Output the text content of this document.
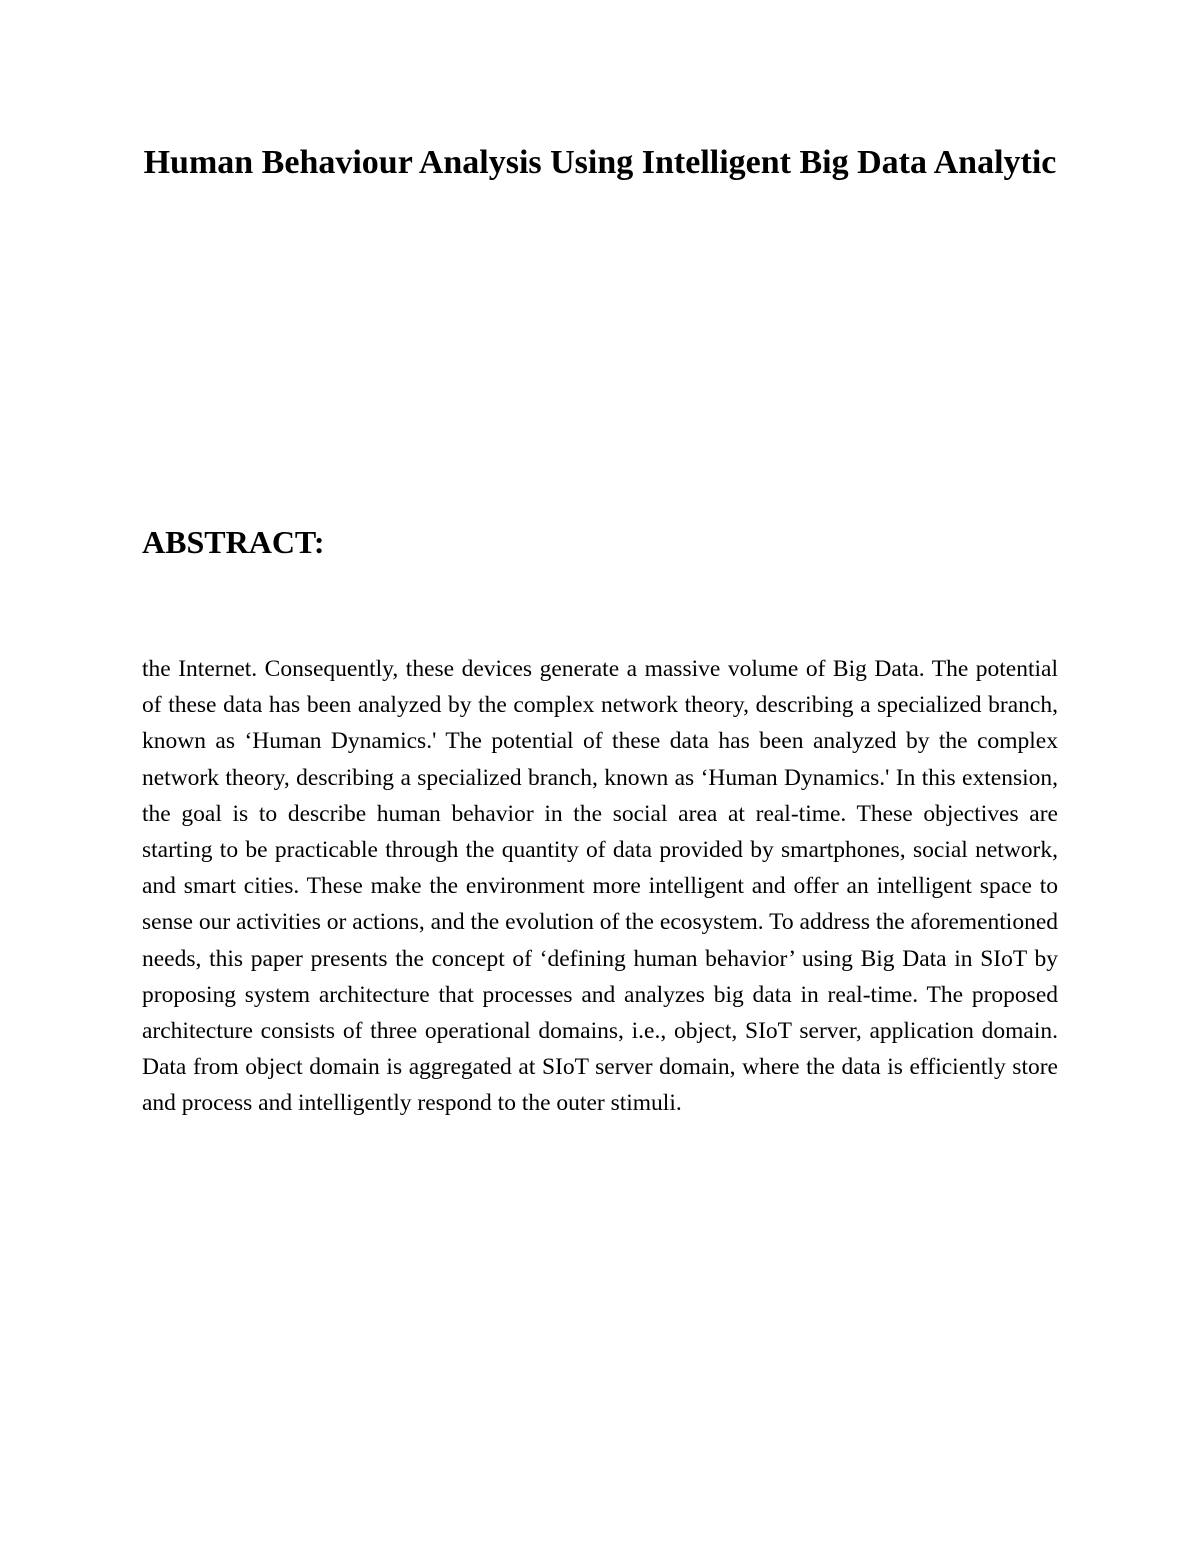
Human Behaviour Analysis Using Intelligent Big Data Analytic
ABSTRACT:

the Internet. Consequently, these devices generate a massive volume of Big Data. The potential of these data has been analyzed by the complex network theory, describing a specialized branch, known as ‘Human Dynamics.' The potential of these data has been analyzed by the complex network theory, describing a specialized branch, known as ‘Human Dynamics.' In this extension, the goal is to describe human behavior in the social area at real-time. These objectives are starting to be practicable through the quantity of data provided by smartphones, social network, and smart cities. These make the environment more intelligent and offer an intelligent space to sense our activities or actions, and the evolution of the ecosystem. To address the aforementioned needs, this paper presents the concept of ‘defining human behavior’ using Big Data in SIoT by proposing system architecture that processes and analyzes big data in real-time. The proposed architecture consists of three operational domains, i.e., object, SIoT server, application domain. Data from object domain is aggregated at SIoT server domain, where the data is efficiently store and process and intelligently respond to the outer stimuli.
